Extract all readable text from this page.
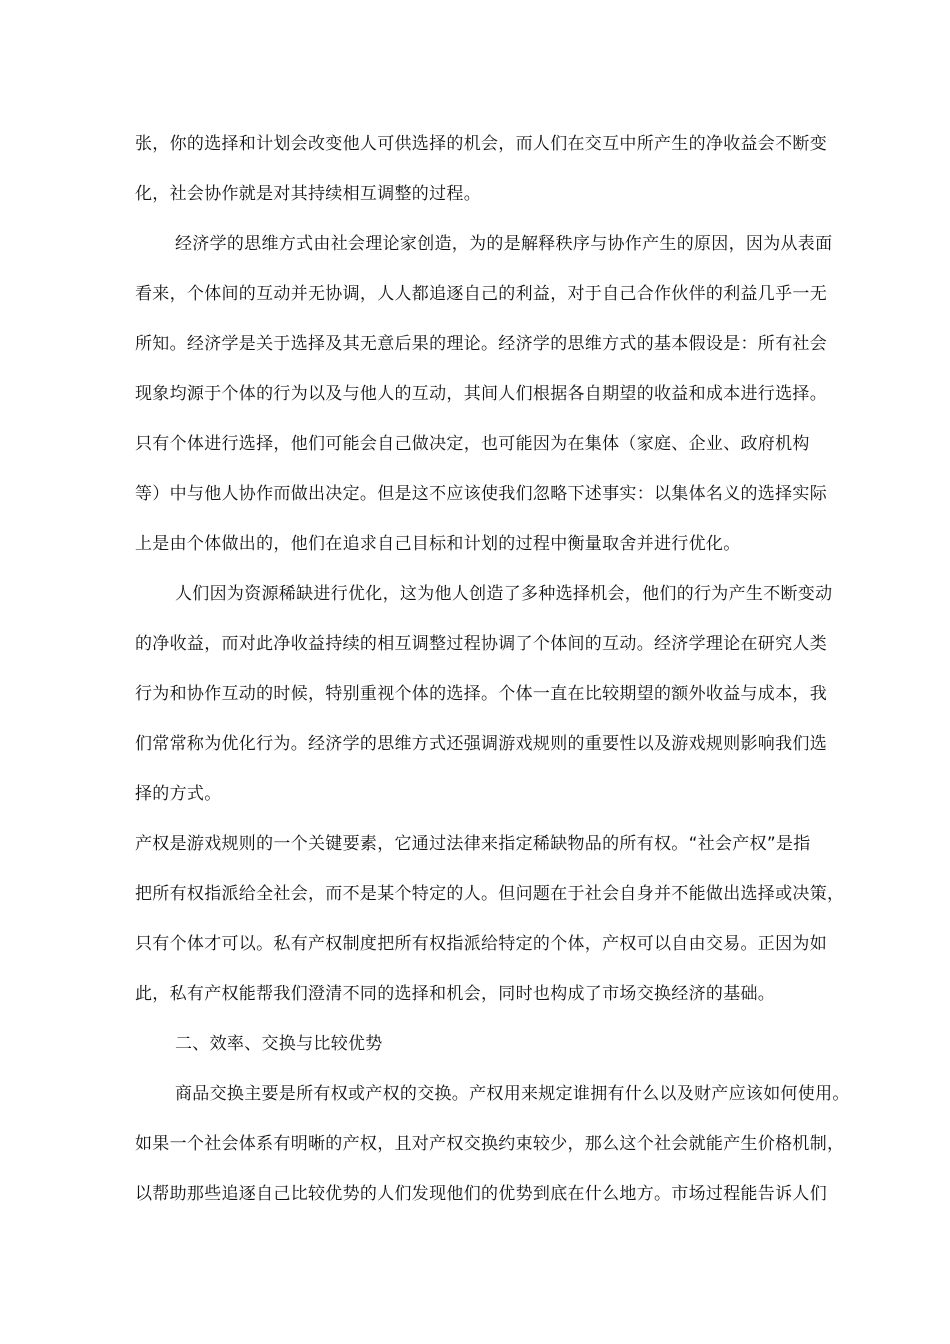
张，你的选择和计划会改变他人可供选择的机会，而人们在交互中所产生的净收益会不断变
化，社会协作就是对其持续相互调整的过程。
经济学的思维方式由社会理论家创造，为的是解释秩序与协作产生的原因，因为从表面
看来，个体间的互动并无协调，人人都追逐自己的利益，对于自己合作伙伴的利益几乎一无
所知。经济学是关于选择及其无意后果的理论。经济学的思维方式的基本假设是：所有社会
现象均源于个体的行为以及与他人的互动，其间人们根据各自期望的收益和成本进行选择。
只有个体进行选择，他们可能会自己做决定，也可能因为在集体（家庭、企业、政府机构
等）中与他人协作而做出决定。但是这不应该使我们忽略下述事实：以集体名义的选择实际
上是由个体做出的，他们在追求自己目标和计划的过程中衡量取舍并进行优化。
人们因为资源稀缺进行优化，这为他人创造了多种选择机会，他们的行为产生不断变动
的净收益，而对此净收益持续的相互调整过程协调了个体间的互动。经济学理论在研究人类
行为和协作互动的时候，特别重视个体的选择。个体一直在比较期望的额外收益与成本，我
们常常称为优化行为。经济学的思维方式还强调游戏规则的重要性以及游戏规则影响我们选
择的方式。
产权是游戏规则的一个关键要素，它通过法律来指定稀缺物品的所有权。“社会产权”是指
把所有权指派给全社会，而不是某个特定的人。但问题在于社会自身并不能做出选择或决策，
只有个体才可以。私有产权制度把所有权指派给特定的个体，产权可以自由交易。正因为如
此，私有产权能帮我们澄清不同的选择和机会，同时也构成了市场交换经济的基础。
二、效率、交换与比较优势
商品交换主要是所有权或产权的交换。产权用来规定谁拥有什么以及财产应该如何使用。
如果一个社会体系有明晰的产权，且对产权交换约束较少，那么这个社会就能产生价格机制，
以帮助那些追逐自己比较优势的人们发现他们的优势到底在什么地方。市场过程能告诉人们
